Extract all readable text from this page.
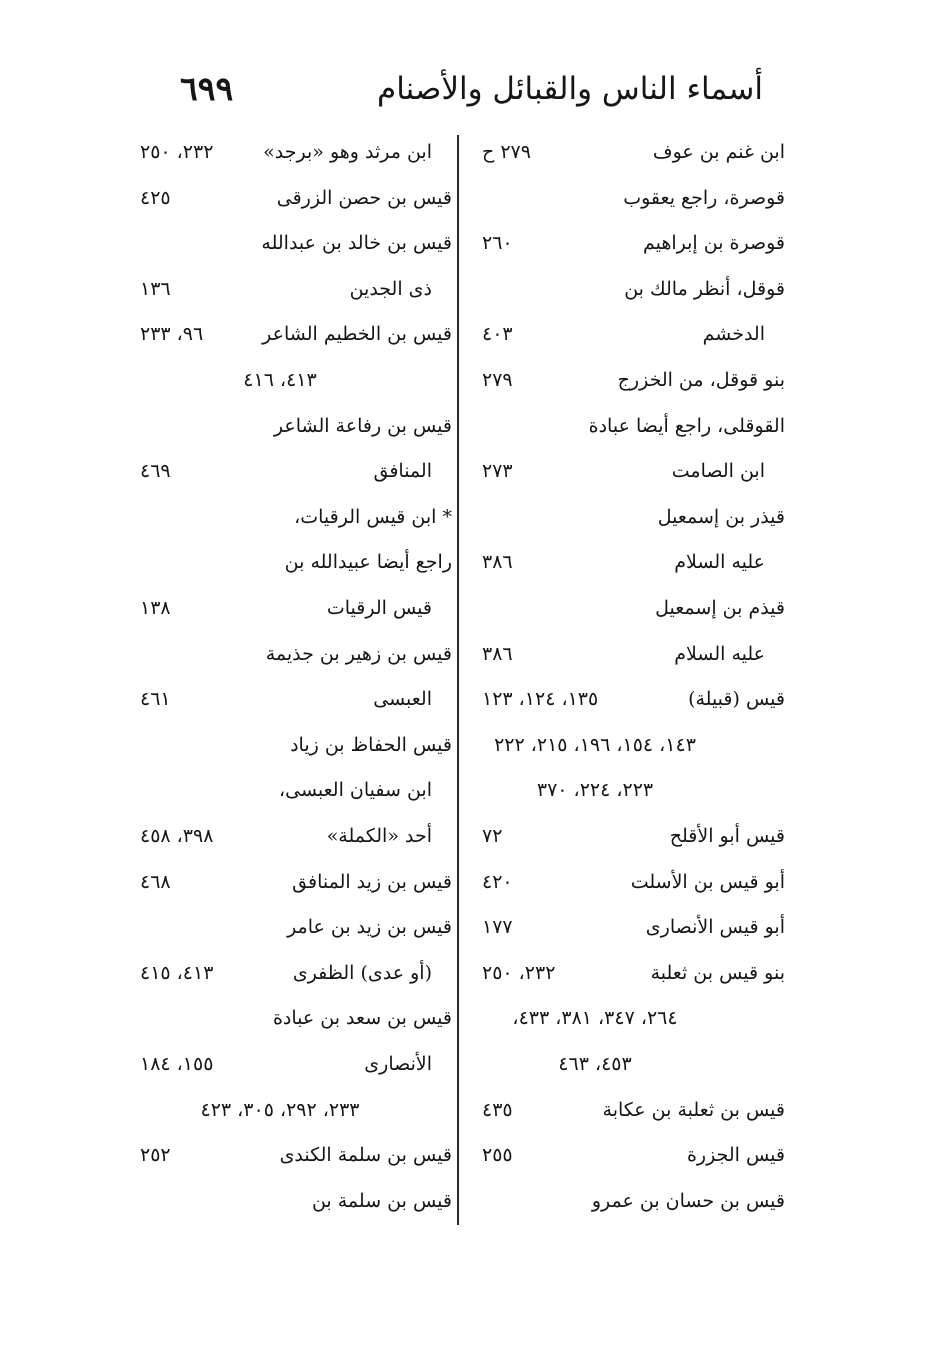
٦٩٩	أسماء الناس والقبائل والأصنام
ابن غنم بن عوف
٢٧٩ ح
قوصرة، راجع يعقوب
قوصرة بن إبراهيم
٢٦٠
قوقل، أنظر مالك بن
الدخشم
٤٠٣
بنو قوقل، من الخزرج
٢٧٩
القوقلى، راجع أيضا عبادة
ابن الصامت
٢٧٣
قيذر بن إسمعيل
عليه السلام
٣٨٦
قيذم بن إسمعيل
عليه السلام
٣٨٦
قيس (قبيلة)
١٣٥، ١٢٤، ١٢٣
١٤٣، ١٥٤، ١٩٦، ٢١٥، ٢٢٢
٢٢٣، ٢٢٤، ٣٧٠
قيس أبو الأقلح
٧٢
أبو قيس بن الأسلت
٤٢٠
أبو قيس الأنصارى
١٧٧
بنو قيس بن ثعلبة
٢٣٢، ٢٥٠
٢٦٤، ٣٤٧، ٣٨١، ٤٣٣،
٤٥٣، ٤٦٣
قيس بن ثعلبة بن عكابة
٤٣٥
قيس الجزرة
٢٥٥
قيس بن حسان بن عمرو
ابن مرثد وهو «برجد»
٢٣٢، ٢٥٠
قيس بن حصن الزرقى
٤٢٥
قيس بن خالد بن عبدالله
ذى الجدين
١٣٦
قيس بن الخطيم الشاعر
٩٦، ٢٣٣
٤١٣، ٤١٦
قيس بن رفاعة الشاعر
المنافق
٤٦٩
* ابن قيس الرقيات،
راجع أيضا عبيدالله بن
قيس الرقيات
١٣٨
قيس بن زهير بن جذيمة
العبسى
٤٦١
قيس الحفاظ بن زياد
ابن سفيان العبسى،
أحد «الكملة»
٣٩٨، ٤٥٨
قيس بن زيد المنافق
٤٦٨
قيس بن زيد بن عامر
(أو عدى) الظفرى
٤١٣، ٤١٥
قيس بن سعد بن عبادة
الأنصارى
١٥٥، ١٨٤
٢٣٣، ٢٩٢، ٣٠٥، ٤٢٣
قيس بن سلمة الكندى
٢٥٢
قيس بن سلمة بن
